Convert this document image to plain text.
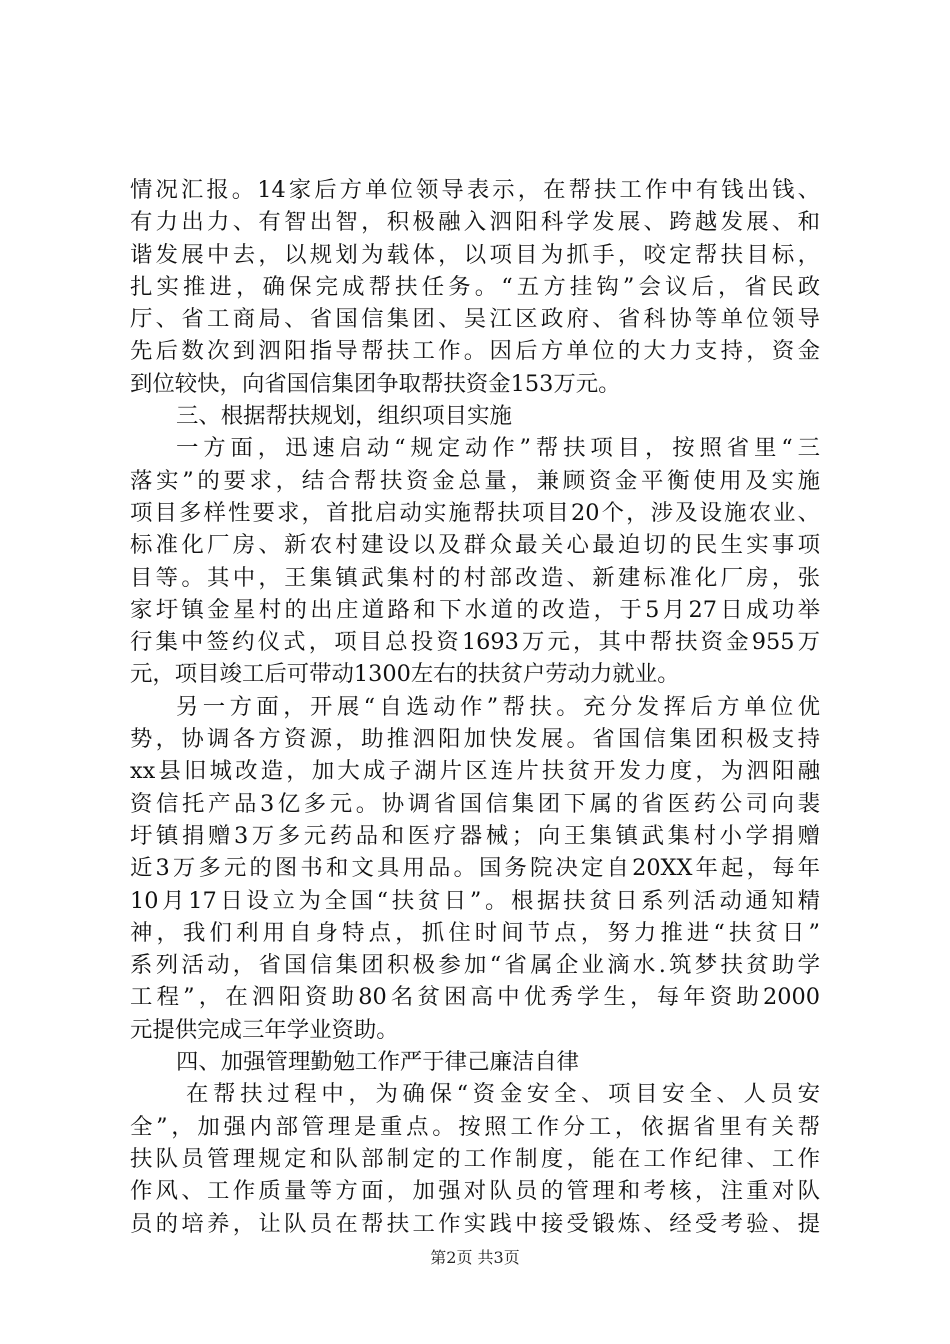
情况汇报。14家后方单位领导表示，在帮扶工作中有钱出钱、
有力出力、有智出智，积极融入泗阳科学发展、跨越发展、和
谐发展中去，以规划为载体，以项目为抓手，咬定帮扶目标，
扎实推进，确保完成帮扶任务。“五方挂钩”会议后，省民政
厅、省工商局、省国信集团、吴江区政府、省科协等单位领导
先后数次到泗阳指导帮扶工作。因后方单位的大力支持，资金
到位较快，向省国信集团争取帮扶资金153万元。
三、根据帮扶规划，组织项目实施
一方面，迅速启动“规定动作”帮扶项目，按照省里“三
落实”的要求，结合帮扶资金总量，兼顾资金平衡使用及实施
项目多样性要求，首批启动实施帮扶项目20个，涉及设施农业、
标准化厂房、新农村建设以及群众最关心最迫切的民生实事项
目等。其中，王集镇武集村的村部改造、新建标准化厂房，张
家圩镇金星村的出庄道路和下水道的改造，于5月27日成功举
行集中签约仪式，项目总投资1693万元，其中帮扶资金955万
元，项目竣工后可带动1300左右的扶贫户劳动力就业。
另一方面，开展“自选动作”帮扶。充分发挥后方单位优
势，协调各方资源，助推泗阳加快发展。省国信集团积极支持
xx县旧城改造，加大成子湖片区连片扶贫开发力度，为泗阳融
资信托产品3亿多元。协调省国信集团下属的省医药公司向裴
圩镇捐赠3万多元药品和医疗器械；向王集镇武集村小学捐赠
近3万多元的图书和文具用品。国务院决定自20XX年起，每年
10月17日设立为全国“扶贫日”。根据扶贫日系列活动通知精
神，我们利用自身特点，抓住时间节点，努力推进“扶贫日”
系列活动，省国信集团积极参加“省属企业滴水.筑梦扶贫助学
工程”，在泗阳资助80名贫困高中优秀学生，每年资助2000
元提供完成三年学业资助。
四、加强管理勤勉工作严于律己廉洁自律
在帮扶过程中，为确保“资金安全、项目安全、人员安
全”，加强内部管理是重点。按照工作分工，依据省里有关帮
扶队员管理规定和队部制定的工作制度，能在工作纪律、工作
作风、工作质量等方面，加强对队员的管理和考核，注重对队
员的培养，让队员在帮扶工作实践中接受锻炼、经受考验、提
第2页 共3页
